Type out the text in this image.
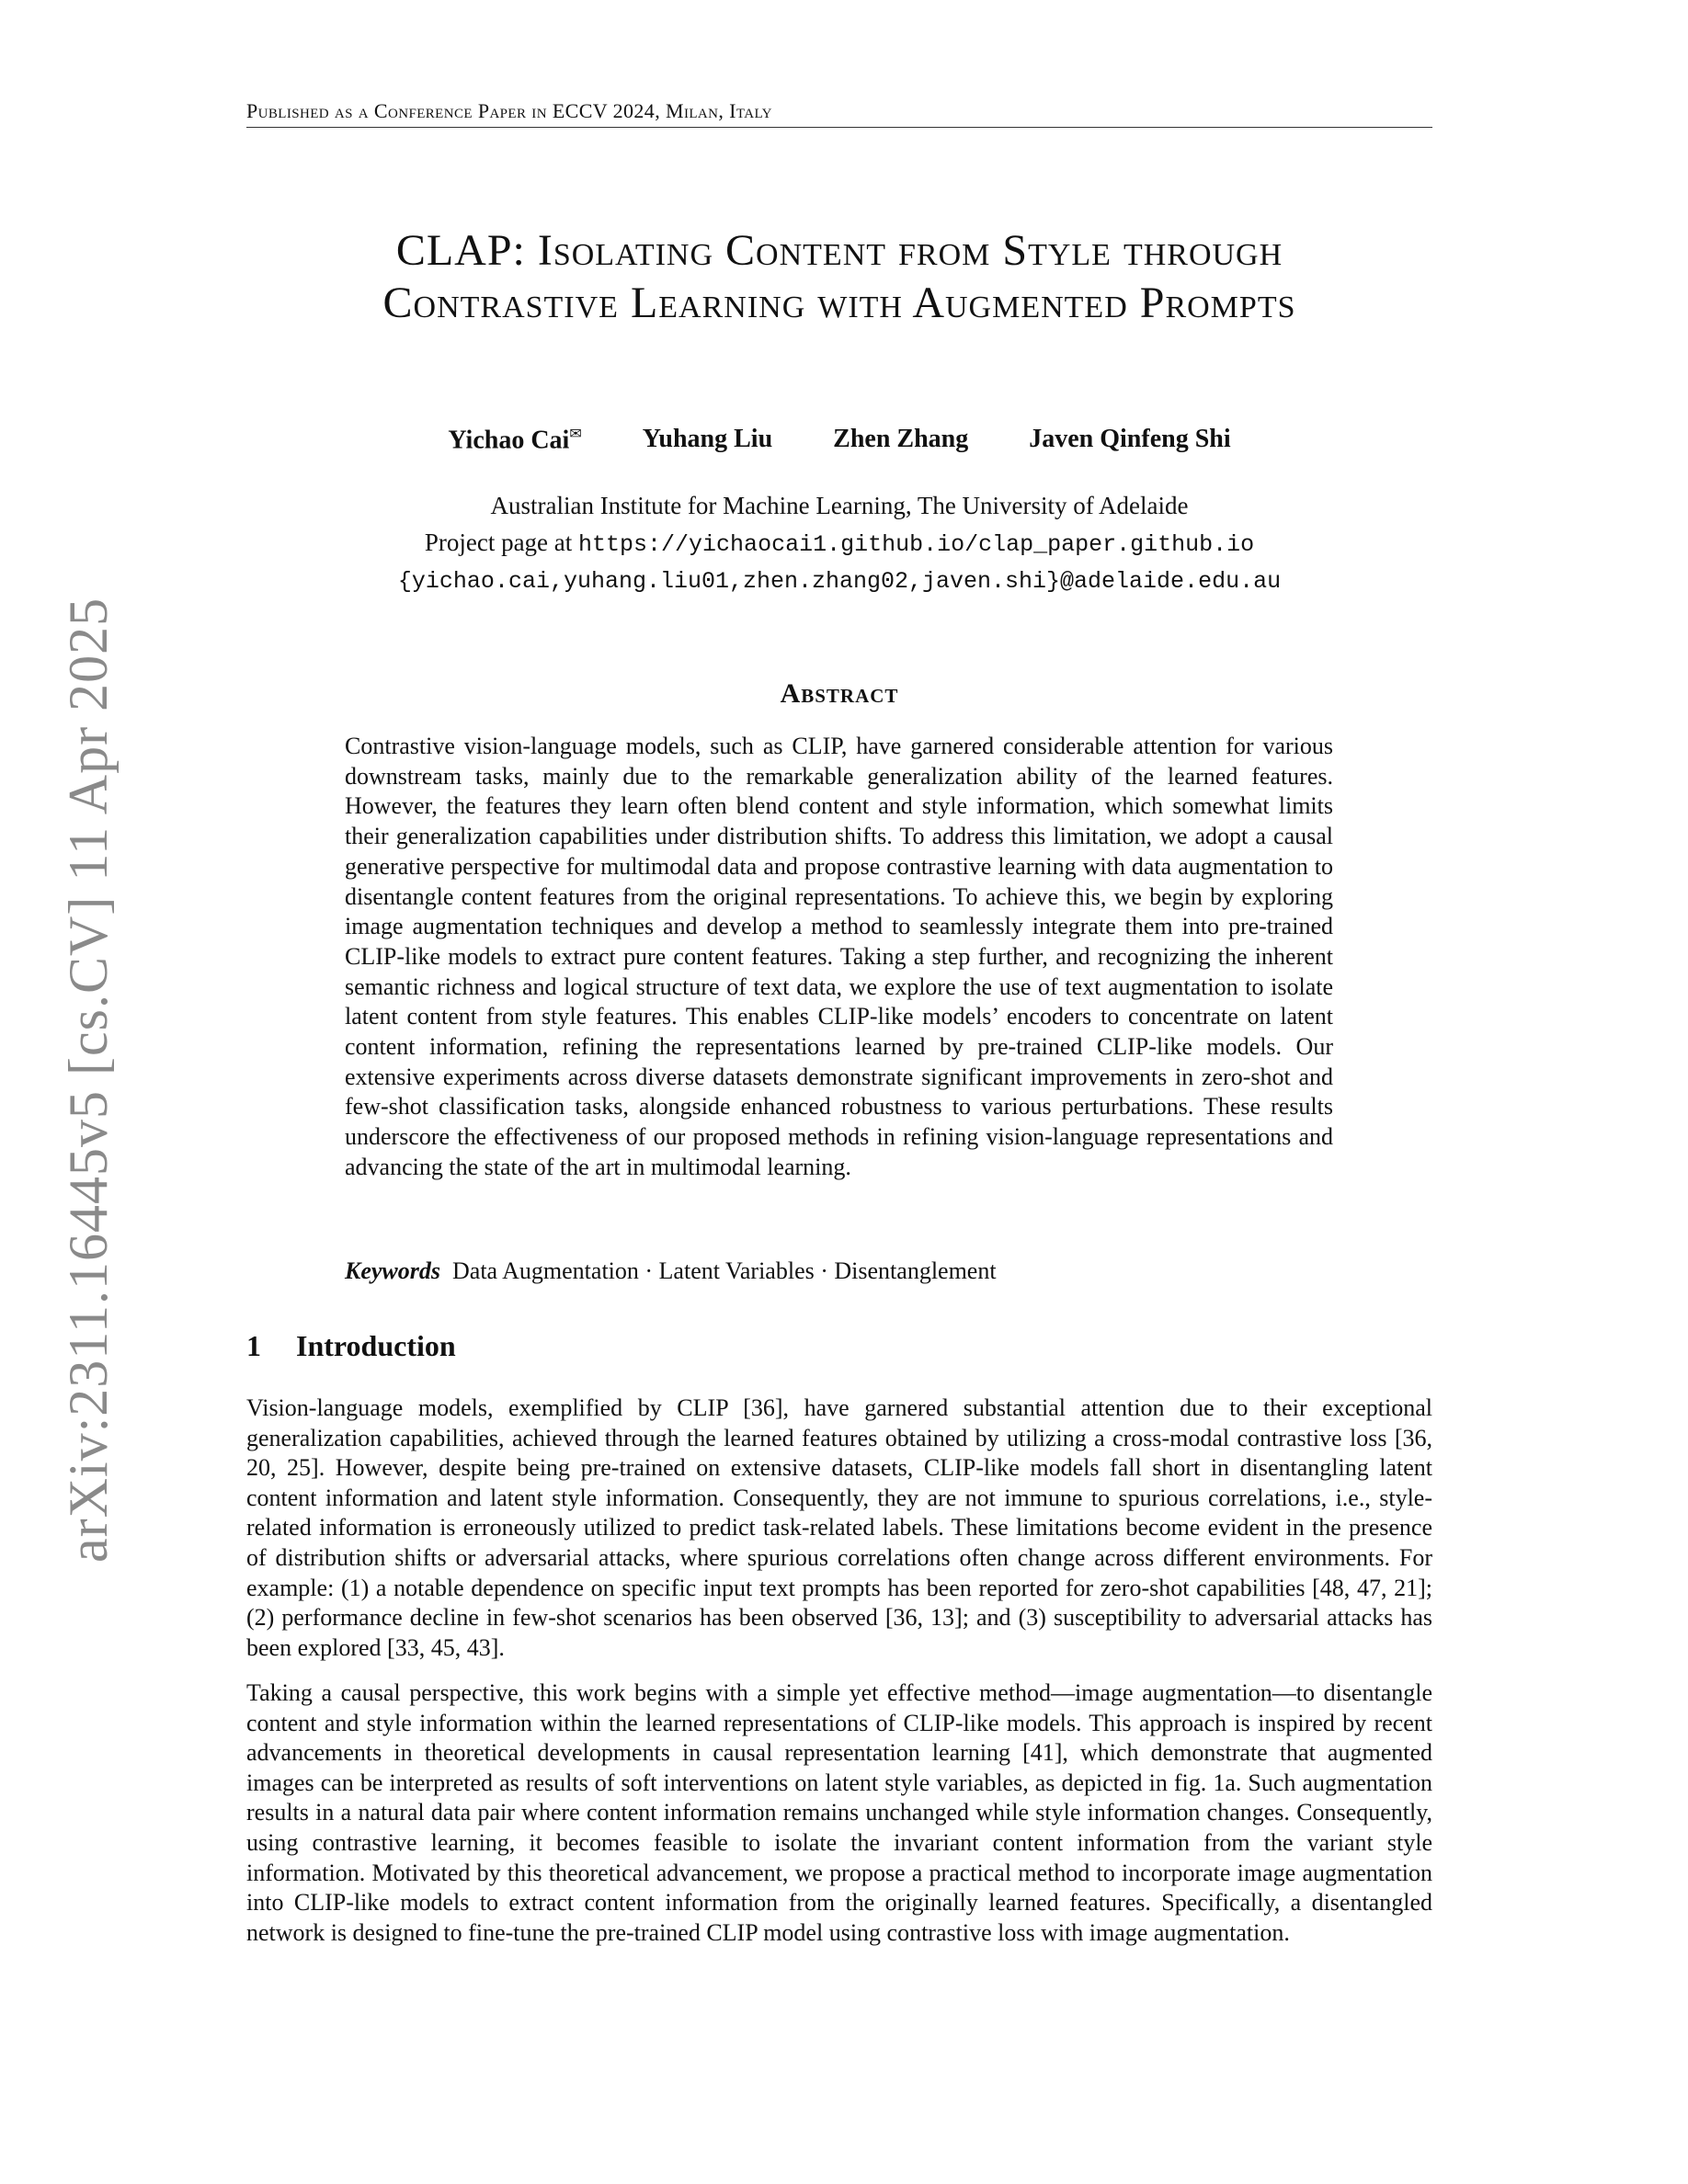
Published as a Conference Paper in ECCV 2024, Milan, Italy
arXiv:2311.16445v5 [cs.CV] 11 Apr 2025
CLAP: Isolating Content from Style through
Contrastive Learning with Augmented Prompts
Yichao Cai✉ Yuhang Liu Zhen Zhang Javen Qinfeng Shi
Australian Institute for Machine Learning, The University of Adelaide
Project page at https://yichaocai1.github.io/clap_paper.github.io
{yichao.cai,yuhang.liu01,zhen.zhang02,javen.shi}@adelaide.edu.au
Abstract

Contrastive vision-language models, such as CLIP, have garnered considerable attention for various downstream tasks, mainly due to the remarkable generalization ability of the learned features. However, the features they learn often blend content and style information, which somewhat limits their generalization capabilities under distribution shifts. To address this limitation, we adopt a causal generative perspective for multimodal data and propose contrastive learning with data augmentation to disentangle content features from the original representations. To achieve this, we begin by exploring image augmentation techniques and develop a method to seamlessly integrate them into pre-trained CLIP-like models to extract pure content features. Taking a step further, and recognizing the inherent semantic richness and logical structure of text data, we explore the use of text augmentation to isolate latent content from style features. This enables CLIP-like models’ encoders to concentrate on latent content information, refining the representations learned by pre-trained CLIP-like models. Our extensive experiments across diverse datasets demonstrate significant improvements in zero-shot and few-shot classification tasks, alongside enhanced robustness to various perturbations. These results underscore the effectiveness of our proposed methods in refining vision-language representations and advancing the state of the art in multimodal learning.

Keywords Data Augmentation · Latent Variables · Disentanglement

1 Introduction

Vision-language models, exemplified by CLIP [36], have garnered substantial attention due to their exceptional generalization capabilities, achieved through the learned features obtained by utilizing a cross-modal contrastive loss [36, 20, 25]. However, despite being pre-trained on extensive datasets, CLIP-like models fall short in disentangling latent content information and latent style information. Consequently, they are not immune to spurious correlations, i.e., style-related information is erroneously utilized to predict task-related labels. These limitations become evident in the presence of distribution shifts or adversarial attacks, where spurious correlations often change across different environments. For example: (1) a notable dependence on specific input text prompts has been reported for zero-shot capabilities [48, 47, 21]; (2) performance decline in few-shot scenarios has been observed [36, 13]; and (3) susceptibility to adversarial attacks has been explored [33, 45, 43].

Taking a causal perspective, this work begins with a simple yet effective method—image augmentation—to disentangle content and style information within the learned representations of CLIP-like models. This approach is inspired by recent advancements in theoretical developments in causal representation learning [41], which demonstrate that augmented images can be interpreted as results of soft interventions on latent style variables, as depicted in fig. 1a. Such augmentation results in a natural data pair where content information remains unchanged while style information changes. Consequently, using contrastive learning, it becomes feasible to isolate the invariant content information from the variant style information. Motivated by this theoretical advancement, we propose a practical method to incorporate image augmentation into CLIP-like models to extract content information from the originally learned features. Specifically, a disentangled network is designed to fine-tune the pre-trained CLIP model using contrastive loss with image augmentation.
